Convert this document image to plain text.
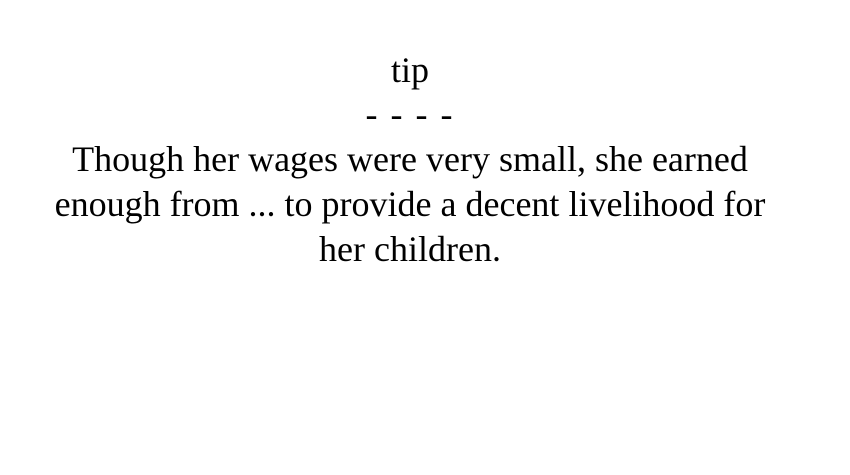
tip
- - - -
Though her wages were very small, she earned enough from ... to provide a decent livelihood for her children.
